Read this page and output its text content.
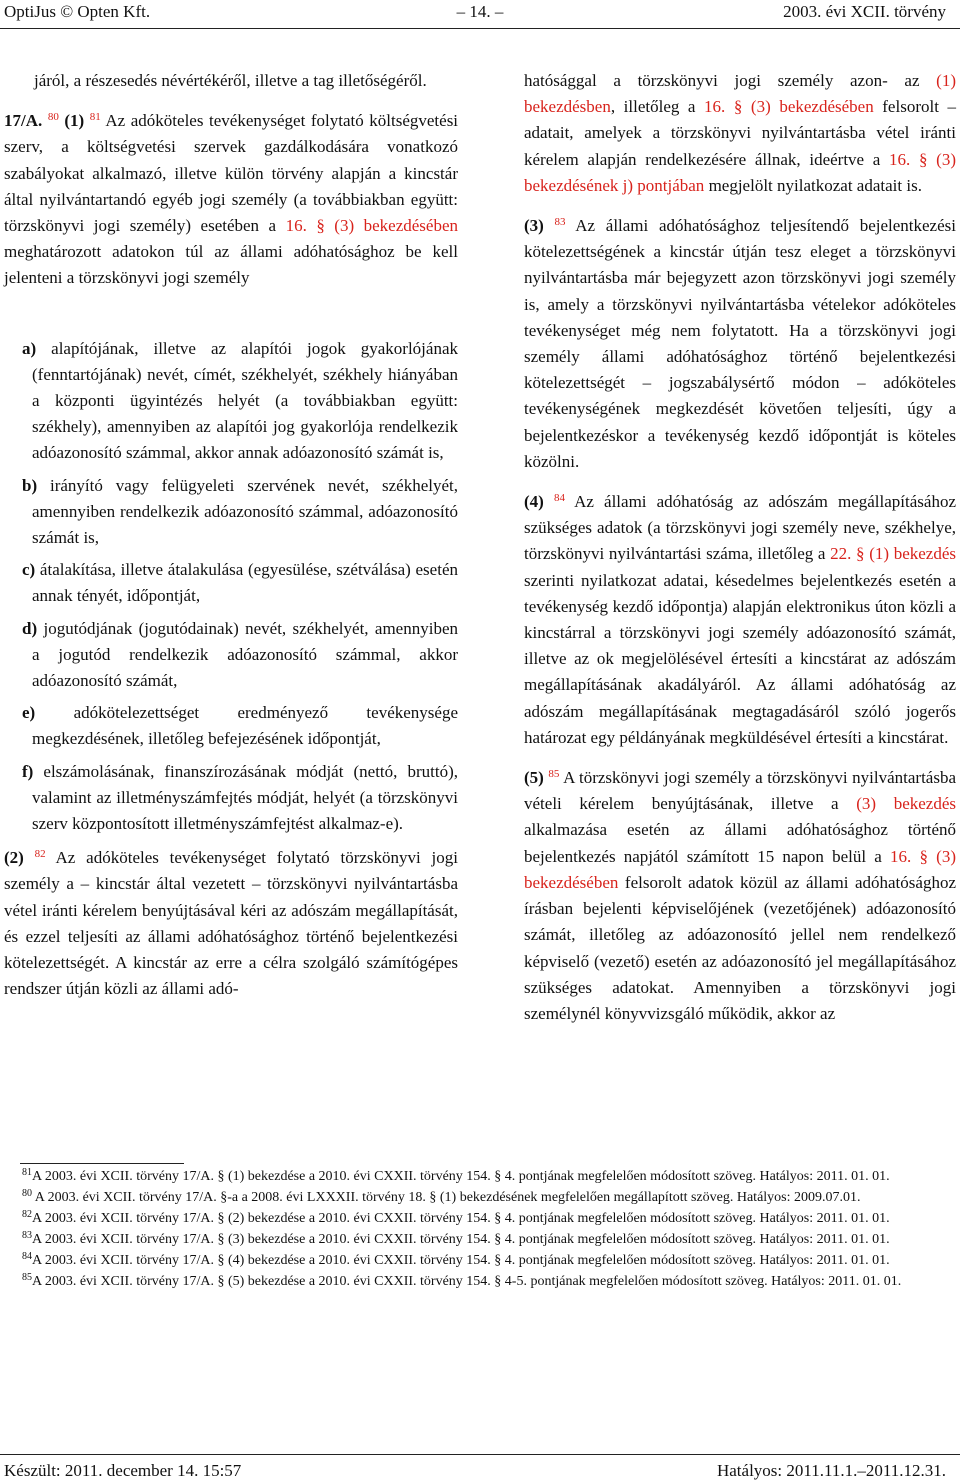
OptiJus © Opten Kft.	– 14. –	2003. évi XCII. törvény

járól, a részesedés névértékéről, illetve a tag illetőségéről.

17/A. $^{80}$ (1) $^{81}$ Az adóköteles tevékenységet folytató költségvetési szerv, a költségvetési szervek gazdálkodására vonatkozó szabályokat alkalmazó, illetve külön törvény alapján a kincstár által nyilvántartandó egyéb jogi személy (a továbbiakban együtt: törzskönyvi jogi személy) esetében a 16. § (3) bekezdésében meghatározott adatokon túl az állami adóhatósághoz be kell jelenteni a törzskönyvi jogi személy

a) alapítójának, illetve az alapítói jogok gyakorlójának (fenntartójának) nevét, címét, székhelyét, székhely hiányában a központi ügyintézés helyét (a továbbiakban együtt: székhely), amennyiben az alapítói jog gyakorlója rendelkezik adóazonosító számmal, akkor annak adóazonosító számát is,

b) irányító vagy felügyeleti szervének nevét, székhelyét, amennyiben rendelkezik adóazonosító számmal, adóazonosító számát is,

c) átalakítása, illetve átalakulása (egyesülése, szétválása) esetén annak tényét, időpontját,

d) jogutódjának (jogutódainak) nevét, székhelyét, amennyiben a jogutód rendelkezik adóazonosító számmal, akkor adóazonosító számát,

e) adókötelezettséget eredményező tevékenysége megkezdésének, illetőleg befejezésének időpontját,

f) elszámolásának, finanszírozásának módját (nettó, bruttó), valamint az illetményszámfejtés módját, helyét (a törzskönyvi szerv központosított illetményszámfejtést alkalmaz-e).

(2) $^{82}$ Az adóköteles tevékenységet folytató törzskönyvi jogi személy a – kincstár által vezetett – törzskönyvi nyilvántartásba vétel iránti kérelem benyújtásával kéri az adószám megállapítását, és ezzel teljesíti az állami adóhatósághoz történő bejelentkezési kötelezettségét. A kincstár az erre a célra szolgáló számítógépes rendszer útján közli az állami adó-

hatósággal a törzskönyvi jogi személy azon- az (1) bekezdésben, illetőleg a 16. § (3) bekezdésében felsorolt – adatait, amelyek a törzskönyvi nyilvántartásba vétel iránti kérelem alapján rendelkezésére állnak, ideértve a 16. § (3) bekezdésének j) pontjában megjelölt nyilatkozat adatait is.

(3) $^{83}$ Az állami adóhatósághoz teljesítendő bejelentkezési kötelezettségének a kincstár útján tesz eleget a törzskönyvi nyilvántartásba már bejegyzett azon törzskönyvi jogi személy is, amely a törzskönyvi nyilvántartásba vételekor adóköteles tevékenységet még nem folytatott. Ha a törzskönyvi jogi személy állami adóhatósághoz történő bejelentkezési kötelezettségét – jogszabálysértő módon – adóköteles tevékenységének megkezdését követően teljesíti, úgy a bejelentkezéskor a tevékenység kezdő időpontját is köteles közölni.

(4) $^{84}$ Az állami adóhatóság az adószám megállapításához szükséges adatok (a törzskönyvi jogi személy neve, székhelye, törzskönyvi nyilvántartási száma, illetőleg a 22. § (1) bekezdés szerinti nyilatkozat adatai, késedelmes bejelentkezés esetén a tevékenység kezdő időpontja) alapján elektronikus úton közli a kincstárral a törzskönyvi jogi személy adóazonosító számát, illetve az ok megjelölésével értesíti a kincstárat az adószám megállapításának akadályáról. Az állami adóhatóság az adószám megállapításának megtagadásáról szóló jogerős határozat egy példányának megküldésével értesíti a kincstárat.

(5) $^{85}$ A törzskönyvi jogi személy a törzskönyvi nyilvántartásba vételi kérelem benyújtásának, illetve a (3) bekezdés alkalmazása esetén az állami adóhatósághoz történő bejelentkezés napjától számított 15 napon belül a 16. § (3) bekezdésében felsorolt adatok közül az állami adóhatósághoz írásban bejelenti képviselőjének (vezetőjének) adóazonosító számát, illetőleg az adóazonosító jellel nem rendelkező képviselő (vezető) esetén az adóazonosító jel megállapításához szükséges adatokat. Amennyiben a törzskönyvi jogi személynél könyvvizsgáló működik, akkor az

$^{81}$A 2003. évi XCII. törvény 17/A. § (1) bekezdése a 2010. évi CXXII. törvény 154. § 4. pontjának megfelelően módosított szöveg. Hatályos: 2011. 01. 01.

$^{80}$ A 2003. évi XCII. törvény 17/A. §-a a 2008. évi LXXXII. törvény 18. § (1) bekezdésének megfelelően megállapított szöveg. Hatályos: 2009.07.01.

$^{82}$A 2003. évi XCII. törvény 17/A. § (2) bekezdése a 2010. évi CXXII. törvény 154. § 4. pontjának megfelelően módosított szöveg. Hatályos: 2011. 01. 01.

$^{83}$A 2003. évi XCII. törvény 17/A. § (3) bekezdése a 2010. évi CXXII. törvény 154. § 4. pontjának megfelelően módosított szöveg. Hatályos: 2011. 01. 01.

$^{84}$A 2003. évi XCII. törvény 17/A. § (4) bekezdése a 2010. évi CXXII. törvény 154. § 4. pontjának megfelelően módosított szöveg. Hatályos: 2011. 01. 01.

$^{85}$A 2003. évi XCII. törvény 17/A. § (5) bekezdése a 2010. évi CXXII. törvény 154. § 4-5. pontjának megfelelően módosított szöveg. Hatályos: 2011. 01. 01.

Készült: 2011. december 14. 15:57	Hatályos: 2011.11.1.–2011.12.31.
